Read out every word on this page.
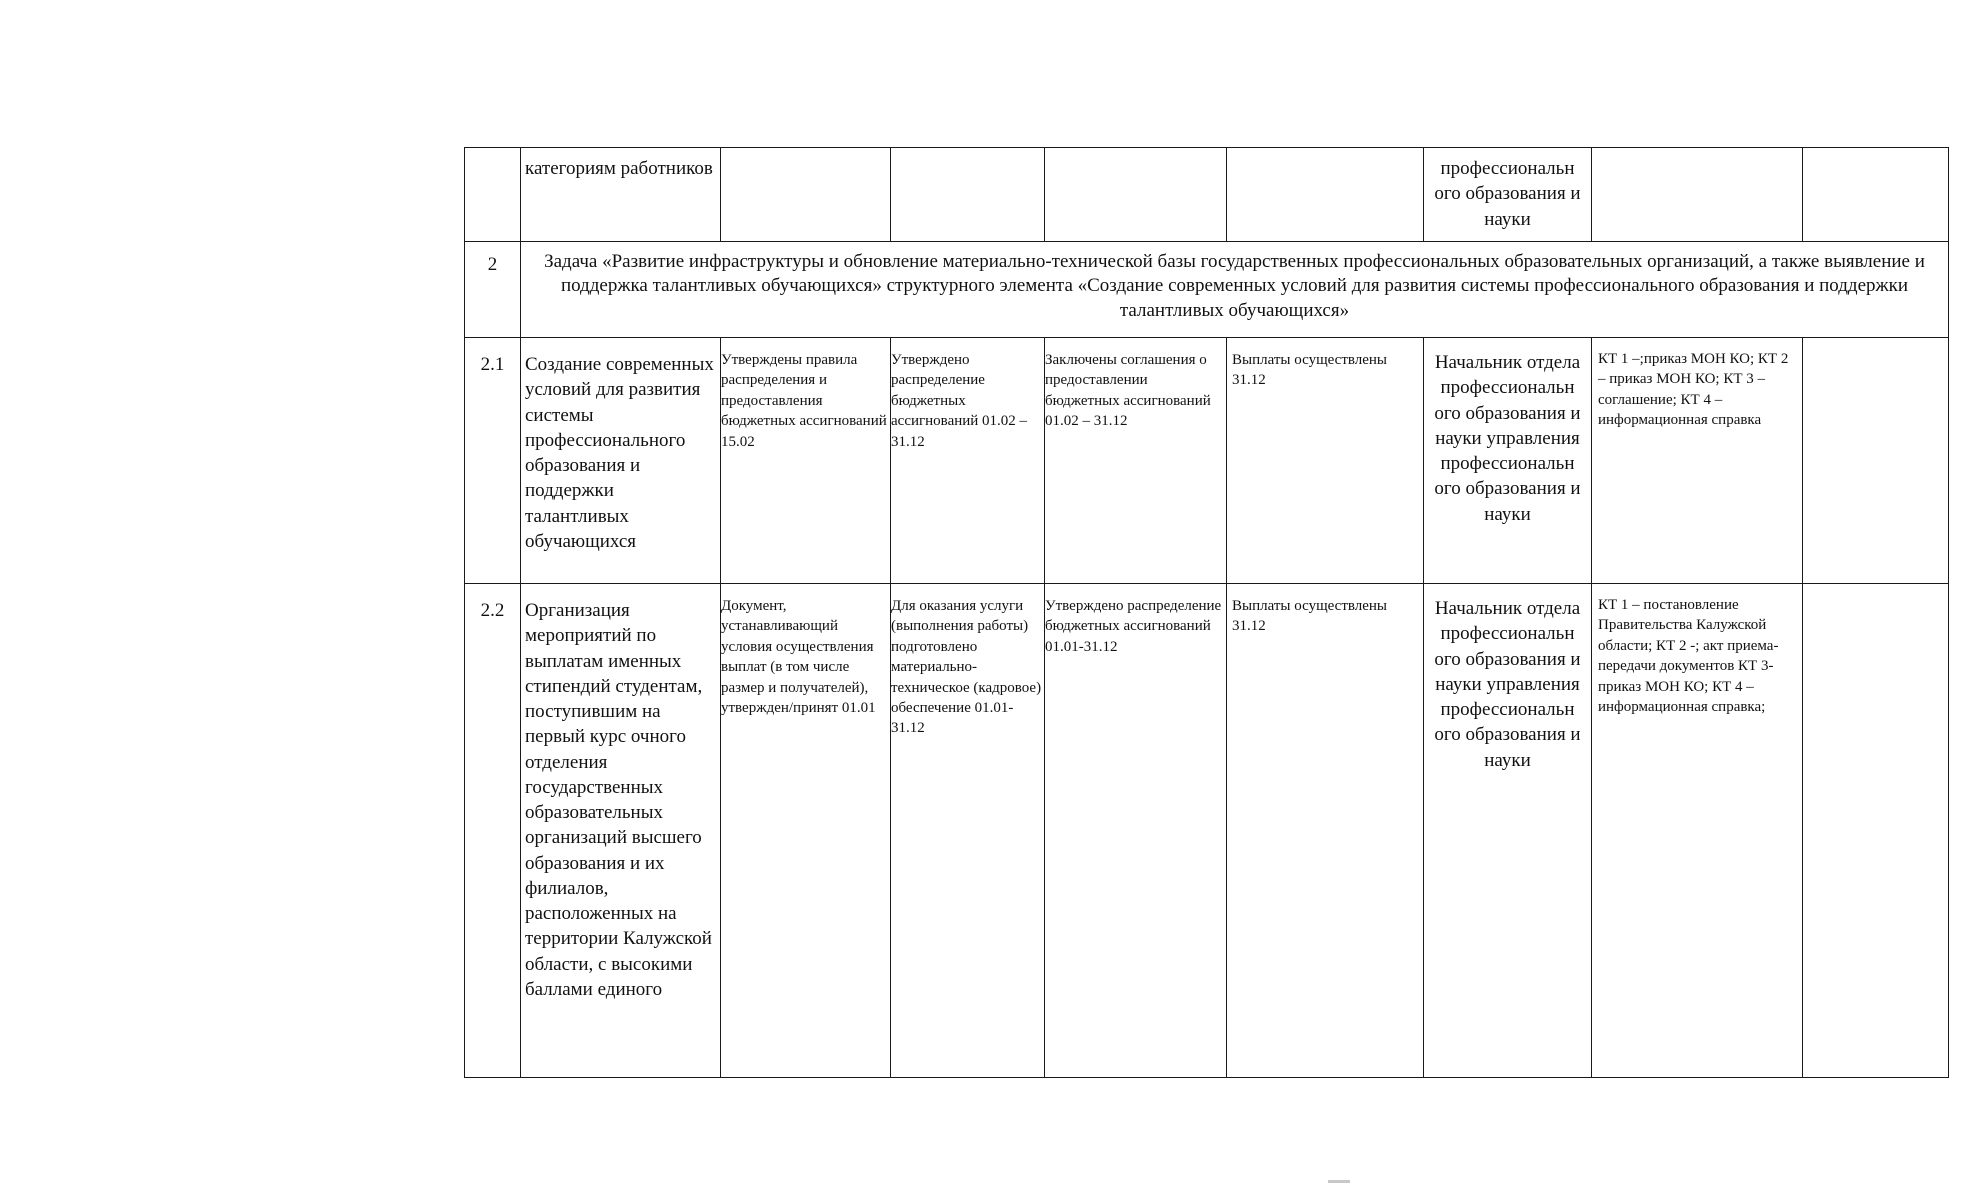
	категориям работников					профессиональн ого образования и науки		
2	Задача «Развитие инфраструктуры и обновление материально-технической базы государственных профессиональных образовательных организаций, а также выявление и поддержка талантливых обучающихся» структурного элемента «Создание современных условий для развития системы профессионального образования и поддержки талантливых обучающихся»							
2.1	Создание современных условий для развития системы профессионального образования и поддержки талантливых обучающихся	Утверждены правила распределения и предоставления бюджетных ассигнований 15.02	Утверждено распределение бюджетных ассигнований 01.02 – 31.12	Заключены соглашения о предоставлении бюджетных ассигнований 01.02 – 31.12	Выплаты осуществлены 31.12	Начальник отдела профессиональн ого образования и науки управления профессиональн ого образования и науки	КТ 1 –;приказ МОН КО; КТ 2 – приказ МОН КО; КТ 3 – соглашение; КТ 4 –информационная справка	
2.2	Организация мероприятий по выплатам именных стипендий студентам, поступившим на первый курс очного отделения государственных образовательных организаций высшего образования и их филиалов, расположенных на территории Калужской области, с высокими баллами единого	Документ, устанавливающий условия осуществления выплат (в том числе размер и получателей), утвержден/принят 01.01	Для оказания услуги (выполнения работы) подготовлено материально-техническое (кадровое) обеспечение 01.01-31.12	Утверждено распределение бюджетных ассигнований 01.01-31.12	Выплаты осуществлены 31.12	Начальник отдела профессиональн ого образования и науки управления профессиональн ого образования и науки	КТ 1 – постановление Правительства Калужской области; КТ 2 -; акт приема-передачи документов КТ 3- приказ МОН КО; КТ 4 – информационная справка;	
